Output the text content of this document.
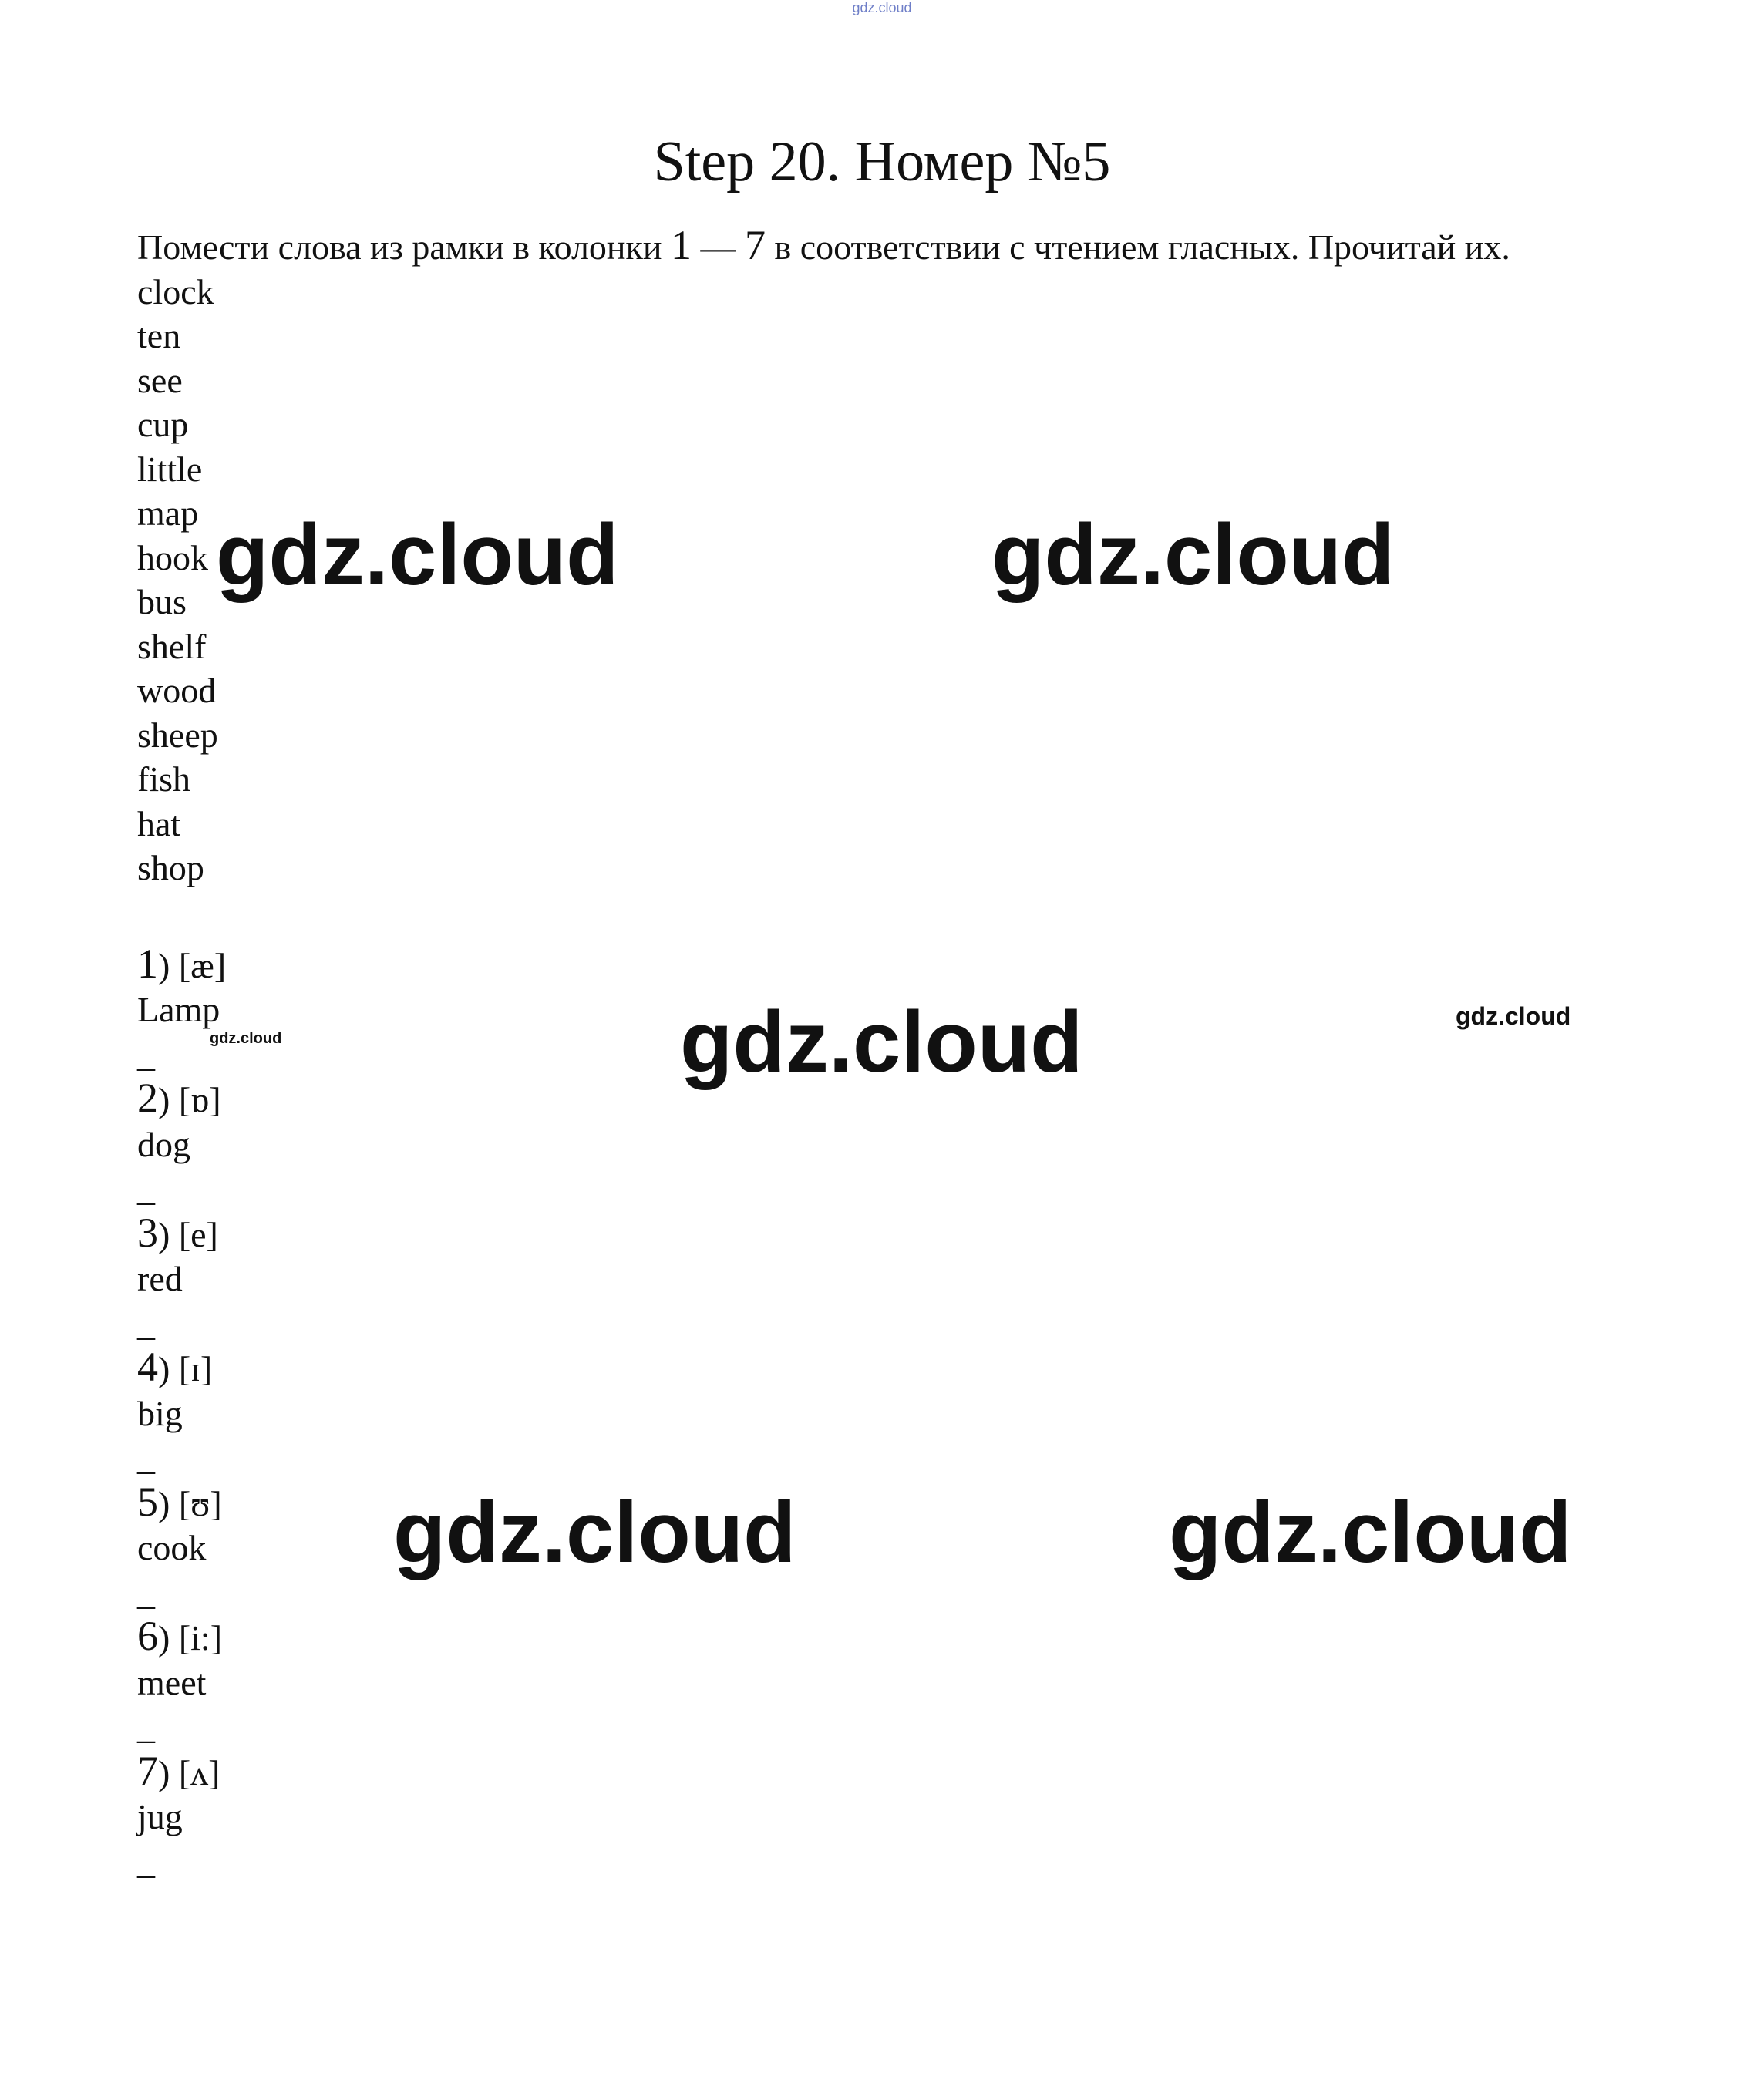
gdz.cloud
Step 20. Номер №5
Помести слова из рамки в колонки 1 — 7 в соответствии с чтением гласных. Прочитай их.
clock
ten
see
cup
little
map
hook
bus
shelf
wood
sheep
fish
hat
shop
1) [æ]
Lamp
_
2) [ɒ]
dog
_
3) [e]
red
_
4) [ɪ]
big
_
5) [ʊ]
cook
_
6) [i:]
meet
_
7) [ʌ]
jug
_
gdz.cloud	gdz.cloud
gdz.cloud	gdz.cloud
gdz.cloud
gdz.cloud	gdz.cloud
